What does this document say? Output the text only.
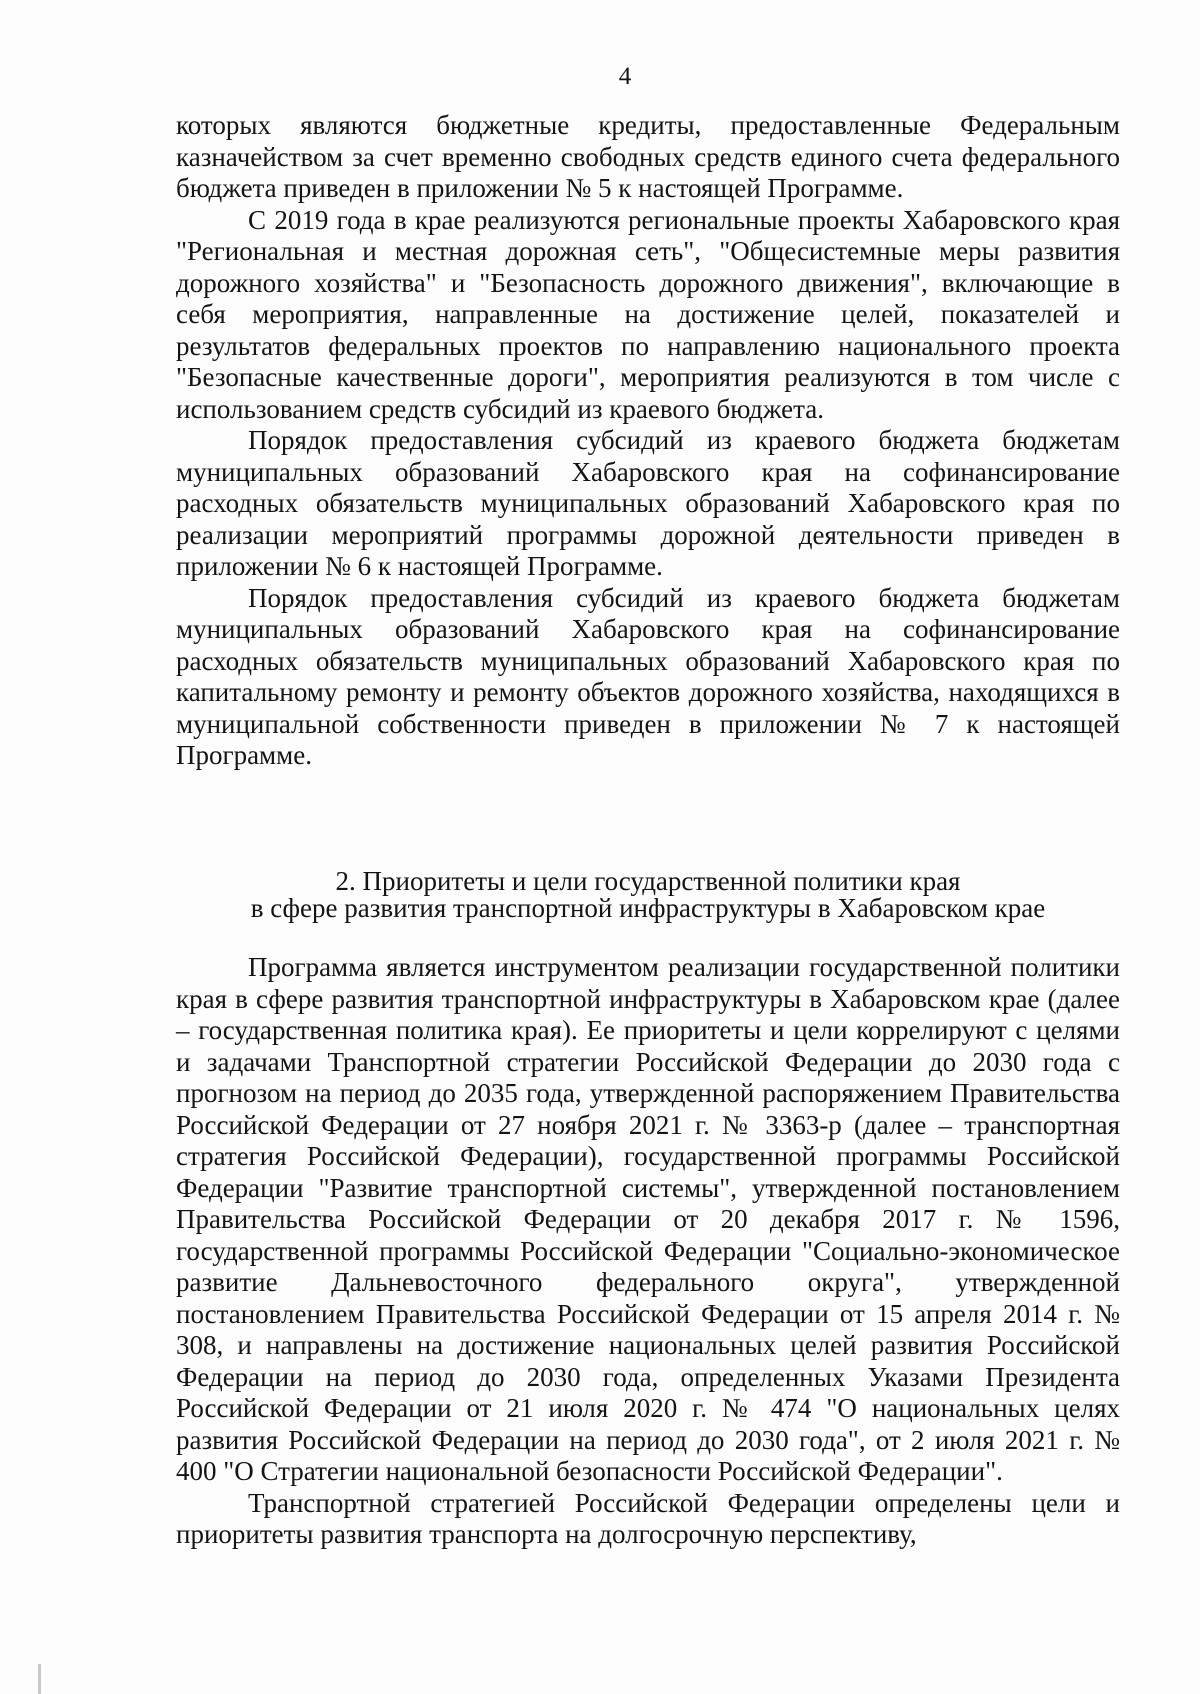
4

которых являются бюджетные кредиты, предоставленные Федеральным казначейством за счет временно свободных средств единого счета федерального бюджета приведен в приложении № 5 к настоящей Программе.

С 2019 года в крае реализуются региональные проекты Хабаровского края "Региональная и местная дорожная сеть", "Общесистемные меры развития дорожного хозяйства" и "Безопасность дорожного движения", включающие в себя мероприятия, направленные на достижение целей, показателей и результатов федеральных проектов по направлению национального проекта "Безопасные качественные дороги", мероприятия реализуются в том числе с использованием средств субсидий из краевого бюджета.

Порядок предоставления субсидий из краевого бюджета бюджетам муниципальных образований Хабаровского края на софинансирование расходных обязательств муниципальных образований Хабаровского края по реализации мероприятий программы дорожной деятельности приведен в приложении № 6 к настоящей Программе.

Порядок предоставления субсидий из краевого бюджета бюджетам муниципальных образований Хабаровского края на софинансирование расходных обязательств муниципальных образований Хабаровского края по капитальному ремонту и ремонту объектов дорожного хозяйства, находящихся в муниципальной собственности приведен в приложении № 7 к настоящей Программе.

2. Приоритеты и цели государственной политики края
в сфере развития транспортной инфраструктуры в Хабаровском крае

Программа является инструментом реализации государственной политики края в сфере развития транспортной инфраструктуры в Хабаровском крае (далее – государственная политика края). Ее приоритеты и цели коррелируют с целями и задачами Транспортной стратегии Российской Федерации до 2030 года с прогнозом на период до 2035 года, утвержденной распоряжением Правительства Российской Федерации от 27 ноября 2021 г. № 3363-р (далее – транспортная стратегия Российской Федерации), государственной программы Российской Федерации "Развитие транспортной системы", утвержденной постановлением Правительства Российской Федерации от 20 декабря 2017 г. № 1596, государственной программы Российской Федерации "Социально-экономическое развитие Дальневосточного федерального округа", утвержденной постановлением Правительства Российской Федерации от 15 апреля 2014 г. № 308, и направлены на достижение национальных целей развития Российской Федерации на период до 2030 года, определенных Указами Президента Российской Федерации от 21 июля 2020 г. № 474 "О национальных целях развития Российской Федерации на период до 2030 года", от 2 июля 2021 г. № 400 "О Стратегии национальной безопасности Российской Федерации".

Транспортной стратегией Российской Федерации определены цели и приоритеты развития транспорта на долгосрочную перспективу,
